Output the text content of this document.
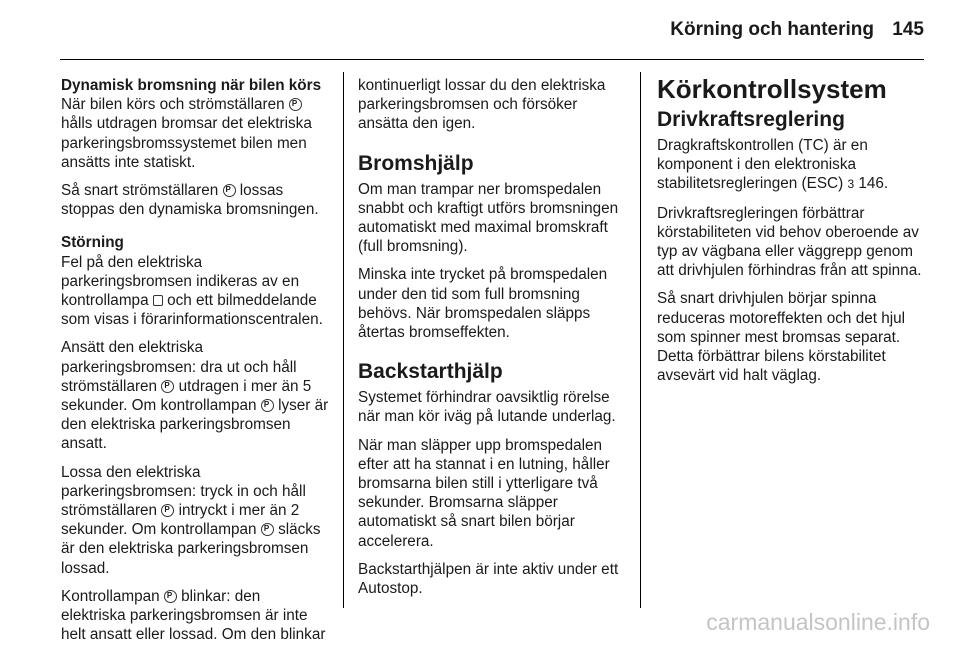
Körning och hantering 145

Dynamisk bromsning när bilen körs

När bilen körs och strömställaren P hålls utdragen bromsar det elektriska parkeringsbromssystemet bilen men ansätts inte statiskt.

Så snart strömställaren P lossas stoppas den dynamiska bromsningen.

Störning

Fel på den elektriska parkeringsbromsen indikeras av en kontrollampa och ett bilmeddelande som visas i förarinformationscentralen.

Ansätt den elektriska parkeringsbromsen: dra ut och håll strömställaren P utdragen i mer än 5 sekunder. Om kontrollampan P lyser är den elektriska parkeringsbromsen ansatt.

Lossa den elektriska parkeringsbromsen: tryck in och håll strömställaren P intryckt i mer än 2 sekunder. Om kontrollampan P släcks är den elektriska parkeringsbromsen lossad.

Kontrollampan P blinkar: den elektriska parkeringsbromsen är inte helt ansatt eller lossad. Om den blinkar

kontinuerligt lossar du den elektriska parkeringsbromsen och försöker ansätta den igen.

Bromshjälp

Om man trampar ner bromspedalen snabbt och kraftigt utförs bromsningen automatiskt med maximal bromskraft (full bromsning).

Minska inte trycket på bromspedalen under den tid som full bromsning behövs. När bromspedalen släpps återtas bromseffekten.

Backstarthjälp

Systemet förhindrar oavsiktlig rörelse när man kör iväg på lutande underlag.

När man släpper upp bromspedalen efter att ha stannat i en lutning, håller bromsarna bilen still i ytterligare två sekunder. Bromsarna släpper automatiskt så snart bilen börjar accelerera.

Backstarthjälpen är inte aktiv under ett Autostop.

Körkontrollsystem
Drivkraftsreglering

Dragkraftskontrollen (TC) är en komponent i den elektroniska stabilitetsregleringen (ESC) 3 146.

Drivkraftsregleringen förbättrar körstabiliteten vid behov oberoende av typ av vägbana eller väggrepp genom att drivhjulen förhindras från att spinna.

Så snart drivhjulen börjar spinna reduceras motoreffekten och det hjul som spinner mest bromsas separat. Detta förbättrar bilens körstabilitet avsevärt vid halt väglag.

carmanualsonline.info
